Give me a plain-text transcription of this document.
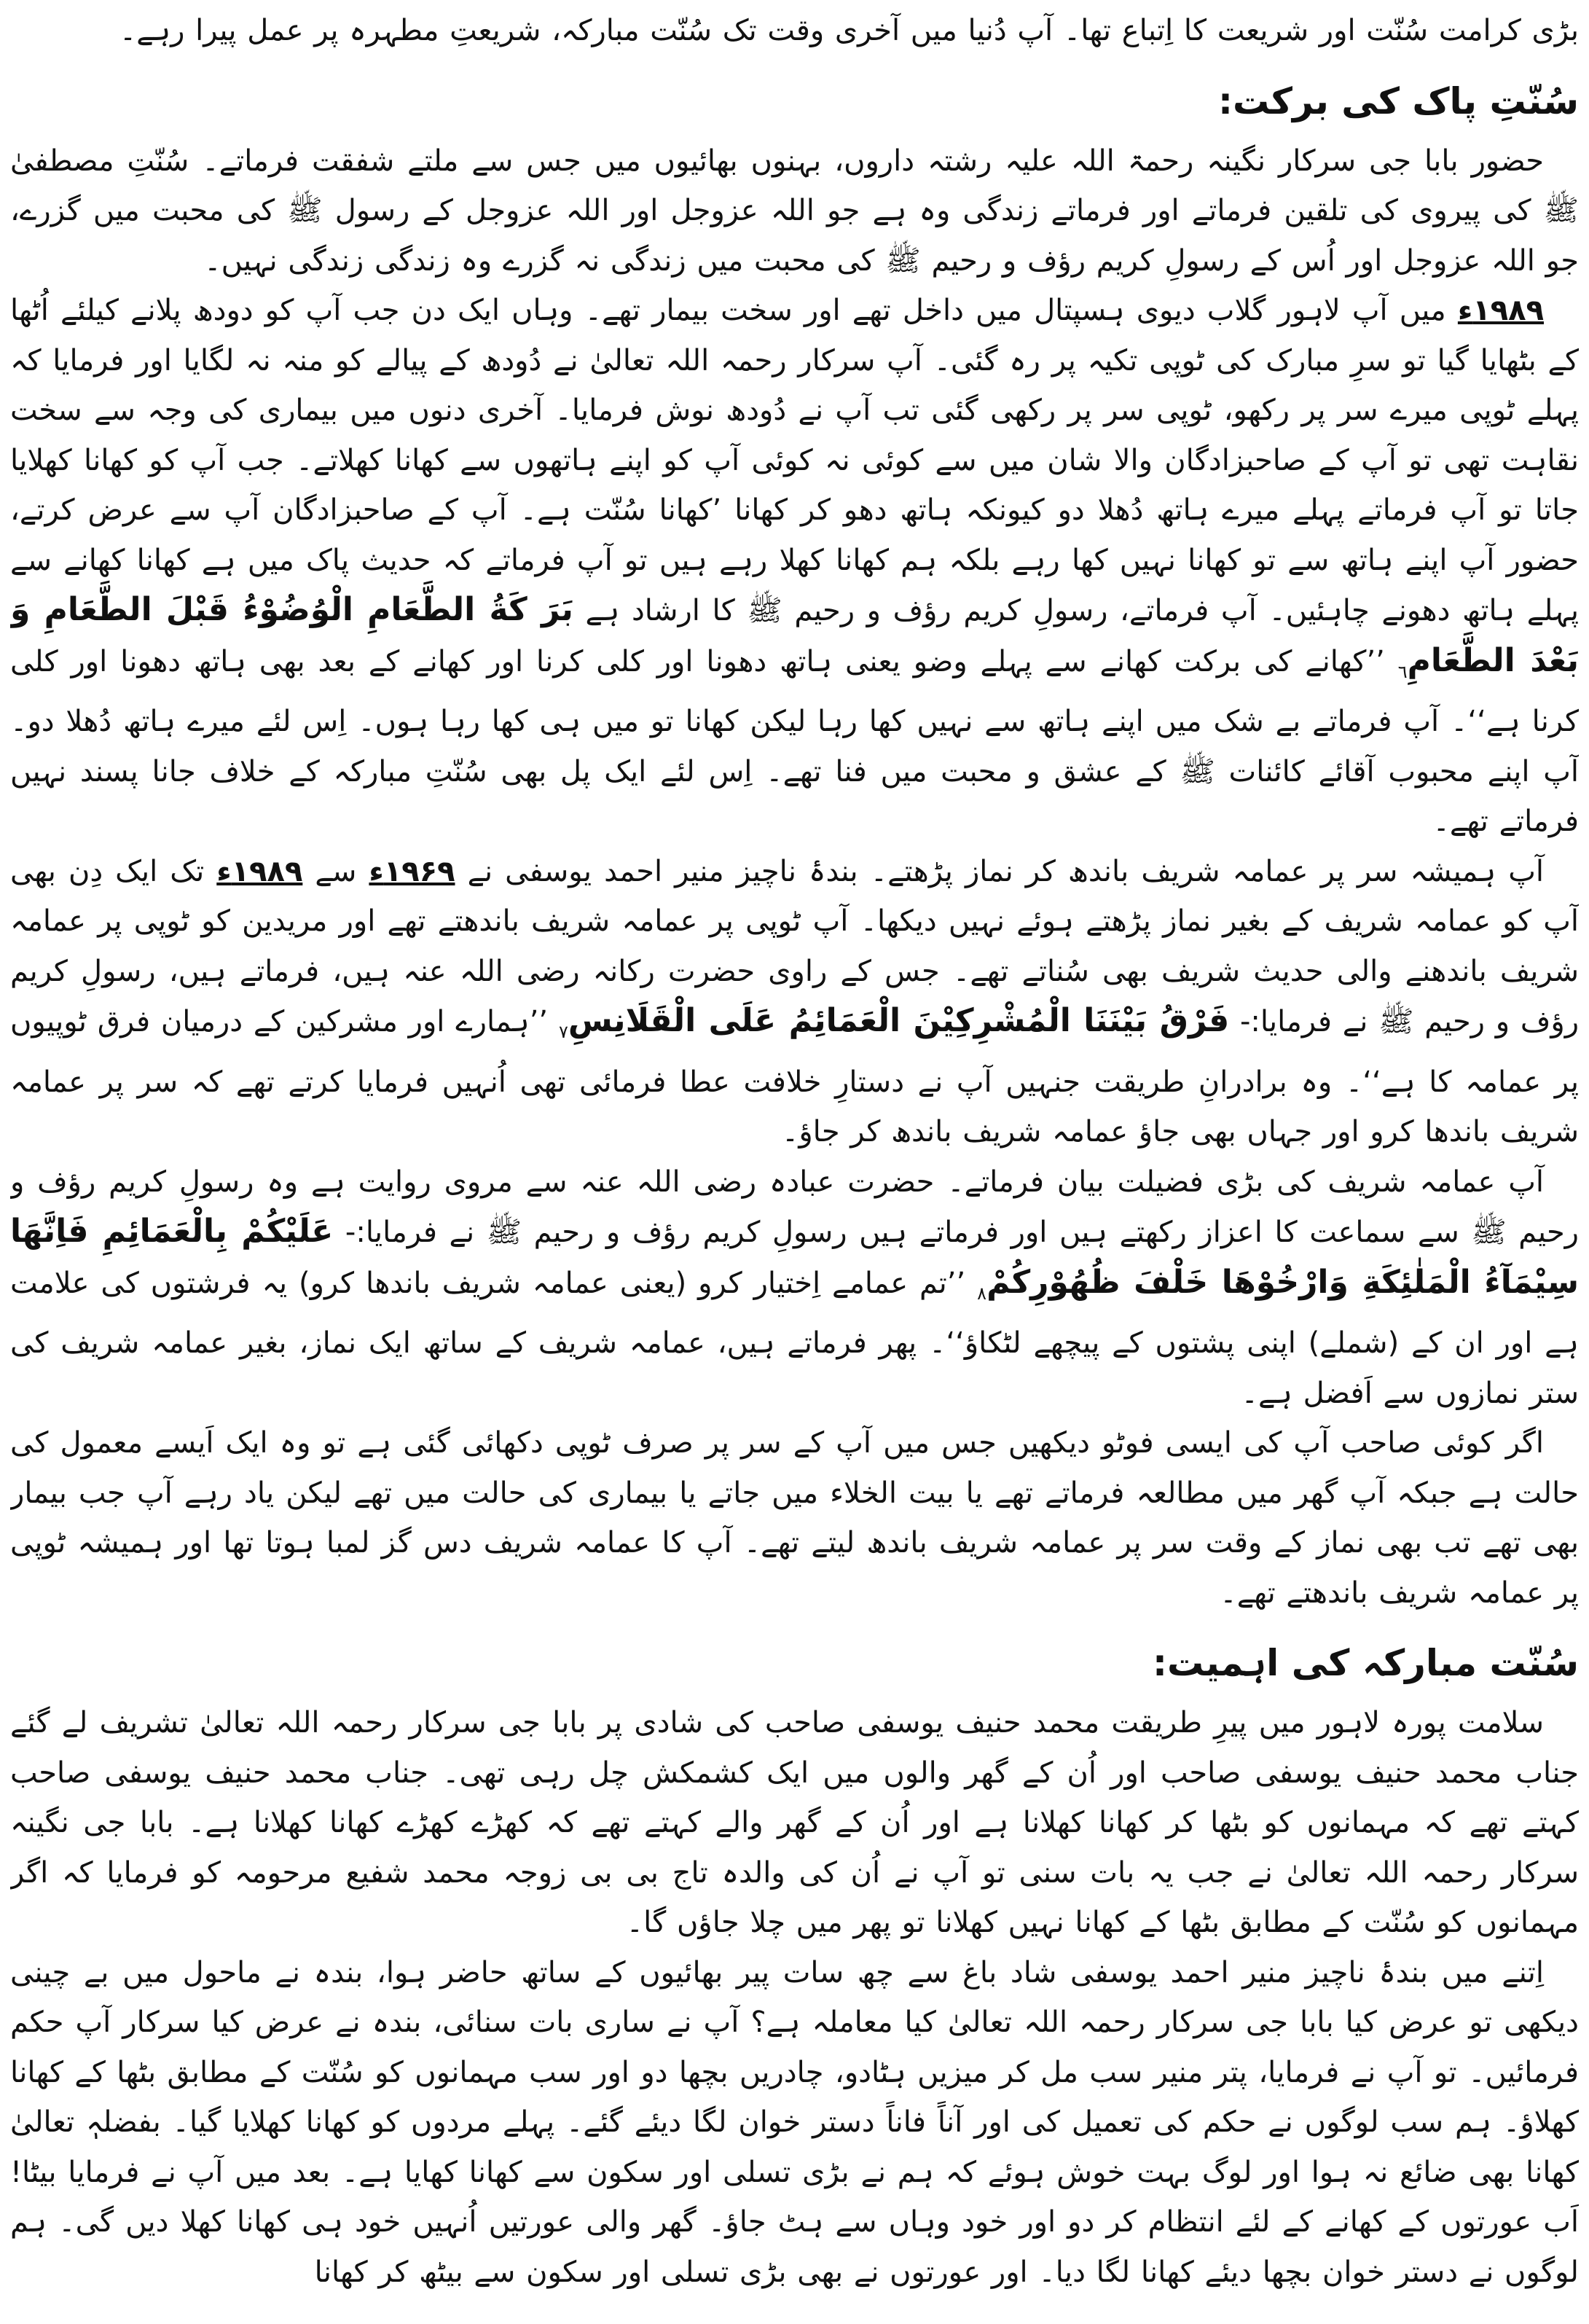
بڑی کرامت سُنّت اور شریعت کا اِتباع تھا۔ آپ دُنیا میں آخری وقت تک سُنّت مبارکہ، شریعتِ مطہرہ پر عمل پیرا رہے۔

سُنّتِ پاک کی برکت:

حضور بابا جی سرکار نگینہ رحمۃ اللہ علیہ رشتہ داروں، بہنوں بھائیوں میں جس سے ملتے شفقت فرماتے۔ سُنّتِ مصطفیٰ ﷺ کی پیروی کی تلقین فرماتے اور فرماتے زندگی وہ ہے جو اللہ عزوجل اور اللہ عزوجل کے رسول ﷺ کی محبت میں گزرے، جو اللہ عزوجل اور اُس کے رسولِ کریم رؤف و رحیم ﷺ کی محبت میں زندگی نہ گزرے وہ زندگی زندگی نہیں۔

۱۹۸۹ء میں آپ لاہور گلاب دیوی ہسپتال میں داخل تھے اور سخت بیمار تھے۔ وہاں ایک دن جب آپ کو دودھ پلانے کیلئے اُٹھا کے بٹھایا گیا تو سرِ مبارک کی ٹوپی تکیہ پر رہ گئی۔ آپ سرکار رحمہ اللہ تعالیٰ نے دُودھ کے پیالے کو منہ نہ لگایا اور فرمایا کہ پہلے ٹوپی میرے سر پر رکھو، ٹوپی سر پر رکھی گئی تب آپ نے دُودھ نوش فرمایا۔ آخری دنوں میں بیماری کی وجہ سے سخت نقاہت تھی تو آپ کے صاحبزادگان والا شان میں سے کوئی نہ کوئی آپ کو اپنے ہاتھوں سے کھانا کھلاتے۔ جب آپ کو کھانا کھلایا جاتا تو آپ فرماتے پہلے میرے ہاتھ دُھلا دو کیونکہ ہاتھ دھو کر کھانا ’کھانا سُنّت ہے۔ آپ کے صاحبزادگان آپ سے عرض کرتے، حضور آپ اپنے ہاتھ سے تو کھانا نہیں کھا رہے بلکہ ہم کھانا کھلا رہے ہیں تو آپ فرماتے کہ حدیث پاک میں ہے کھانا کھانے سے پہلے ہاتھ دھونے چاہئیں۔ آپ فرماتے، رسولِ کریم رؤف و رحیم ﷺ کا ارشاد ہے بَرَ كَةُ الطَّعَامِ الْوُضُوْءُ قَبْلَ الطَّعَامِ وَ بَعْدَ $الطَّعَامِ_٦$ ’’کھانے کی برکت کھانے سے پہلے وضو یعنی ہاتھ دھونا اور کلی کرنا اور کھانے کے بعد بھی ہاتھ دھونا اور کلی کرنا ہے‘‘۔ آپ فرماتے بے شک میں اپنے ہاتھ سے نہیں کھا رہا لیکن کھانا تو میں ہی کھا رہا ہوں۔ اِس لئے میرے ہاتھ دُھلا دو۔ آپ اپنے محبوب آقائے کائنات ﷺ کے عشق و محبت میں فنا تھے۔ اِس لئے ایک پل بھی سُنّتِ مبارکہ کے خلاف جانا پسند نہیں فرماتے تھے۔

آپ ہمیشہ سر پر عمامہ شریف باندھ کر نماز پڑھتے۔ بندۂ ناچیز منیر احمد یوسفی نے ۱۹۶۹ء سے ۱۹۸۹ء تک ایک دِن بھی آپ کو عمامہ شریف کے بغیر نماز پڑھتے ہوئے نہیں دیکھا۔ آپ ٹوپی پر عمامہ شریف باندھتے تھے اور مریدین کو ٹوپی پر عمامہ شریف باندھنے والی حدیث شریف بھی سُناتے تھے۔ جس کے راوی حضرت رکانہ رضی اللہ عنہ ہیں، فرماتے ہیں، رسولِ کریم رؤف و رحیم ﷺ نے فرمایا:- فَرْقُ بَيْنَنَا الْمُشْرِكِيْنَ الْعَمَائِمُ عَلَى $الْقَلَانِسِ_٧$ ’’ہمارے اور مشرکین کے درمیان فرق ٹوپیوں پر عمامہ کا ہے‘‘۔ وہ برادرانِ طریقت جنہیں آپ نے دستارِ خلافت عطا فرمائی تھی اُنہیں فرمایا کرتے تھے کہ سر پر عمامہ شریف باندھا کرو اور جہاں بھی جاؤ عمامہ شریف باندھ کر جاؤ۔

آپ عمامہ شریف کی بڑی فضیلت بیان فرماتے۔ حضرت عبادہ رضی اللہ عنہ سے مروی روایت ہے وہ رسولِ کریم رؤف و رحیم ﷺ سے سماعت کا اعزاز رکھتے ہیں اور فرماتے ہیں رسولِ کریم رؤف و رحیم ﷺ نے فرمایا:- عَلَيْكُمْ بِالْعَمَائِمِ فَاِنَّهَا سِيْمَآءُ الْمَلٰئِكَةِ وَارْخُوْهَا خَلْفَ $ظُهُوْرِكُمْ_٨$ ’’تم عمامے اِختیار کرو (یعنی عمامہ شریف باندھا کرو) یہ فرشتوں کی علامت ہے اور ان کے (شملے) اپنی پشتوں کے پیچھے لٹکاؤ‘‘۔ پھر فرماتے ہیں، عمامہ شریف کے ساتھ ایک نماز، بغیر عمامہ شریف کی ستر نمازوں سے اَفضل ہے۔

اگر کوئی صاحب آپ کی ایسی فوٹو دیکھیں جس میں آپ کے سر پر صرف ٹوپی دکھائی گئی ہے تو وہ ایک اَیسے معمول کی حالت ہے جبکہ آپ گھر میں مطالعہ فرماتے تھے یا بیت الخلاء میں جاتے یا بیماری کی حالت میں تھے لیکن یاد رہے آپ جب بیمار بھی تھے تب بھی نماز کے وقت سر پر عمامہ شریف باندھ لیتے تھے۔ آپ کا عمامہ شریف دس گز لمبا ہوتا تھا اور ہمیشہ ٹوپی پر عمامہ شریف باندھتے تھے۔

سُنّت مبارکہ کی اہمیت:

سلامت پورہ لاہور میں پیرِ طریقت محمد حنیف یوسفی صاحب کی شادی پر بابا جی سرکار رحمہ اللہ تعالیٰ تشریف لے گئے جناب محمد حنیف یوسفی صاحب اور اُن کے گھر والوں میں ایک کشمکش چل رہی تھی۔ جناب محمد حنیف یوسفی صاحب کہتے تھے کہ مہمانوں کو بٹھا کر کھانا کھلانا ہے اور اُن کے گھر والے کہتے تھے کہ کھڑے کھڑے کھانا کھلانا ہے۔ بابا جی نگینہ سرکار رحمہ اللہ تعالیٰ نے جب یہ بات سنی تو آپ نے اُن کی والدہ تاج بی بی زوجہ محمد شفیع مرحومہ کو فرمایا کہ اگر مہمانوں کو سُنّت کے مطابق بٹھا کے کھانا نہیں کھلانا تو پھر میں چلا جاؤں گا۔

اِتنے میں بندۂ ناچیز منیر احمد یوسفی شاد باغ سے چھ سات پیر بھائیوں کے ساتھ حاضر ہوا، بندہ نے ماحول میں بے چینی دیکھی تو عرض کیا بابا جی سرکار رحمہ اللہ تعالیٰ کیا معاملہ ہے؟ آپ نے ساری بات سنائی، بندہ نے عرض کیا سرکار آپ حکم فرمائیں۔ تو آپ نے فرمایا، پتر منیر سب مل کر میزیں ہٹادو، چادریں بچھا دو اور سب مہمانوں کو سُنّت کے مطابق بٹھا کے کھانا کھلاؤ۔ ہم سب لوگوں نے حکم کی تعمیل کی اور آناً فاناً دستر خوان لگا دیئے گئے۔ پہلے مردوں کو کھانا کھلایا گیا۔ بفضلہٖ تعالیٰ کھانا بھی ضائع نہ ہوا اور لوگ بہت خوش ہوئے کہ ہم نے بڑی تسلی اور سکون سے کھانا کھایا ہے۔ بعد میں آپ نے فرمایا بیٹا! اَب عورتوں کے کھانے کے لئے انتظام کر دو اور خود وہاں سے ہٹ جاؤ۔ گھر والی عورتیں اُنہیں خود ہی کھانا کھلا دیں گی۔ ہم لوگوں نے دستر خوان بچھا دیئے کھانا لگا دیا۔ اور عورتوں نے بھی بڑی تسلی اور سکون سے بیٹھ کر کھانا
